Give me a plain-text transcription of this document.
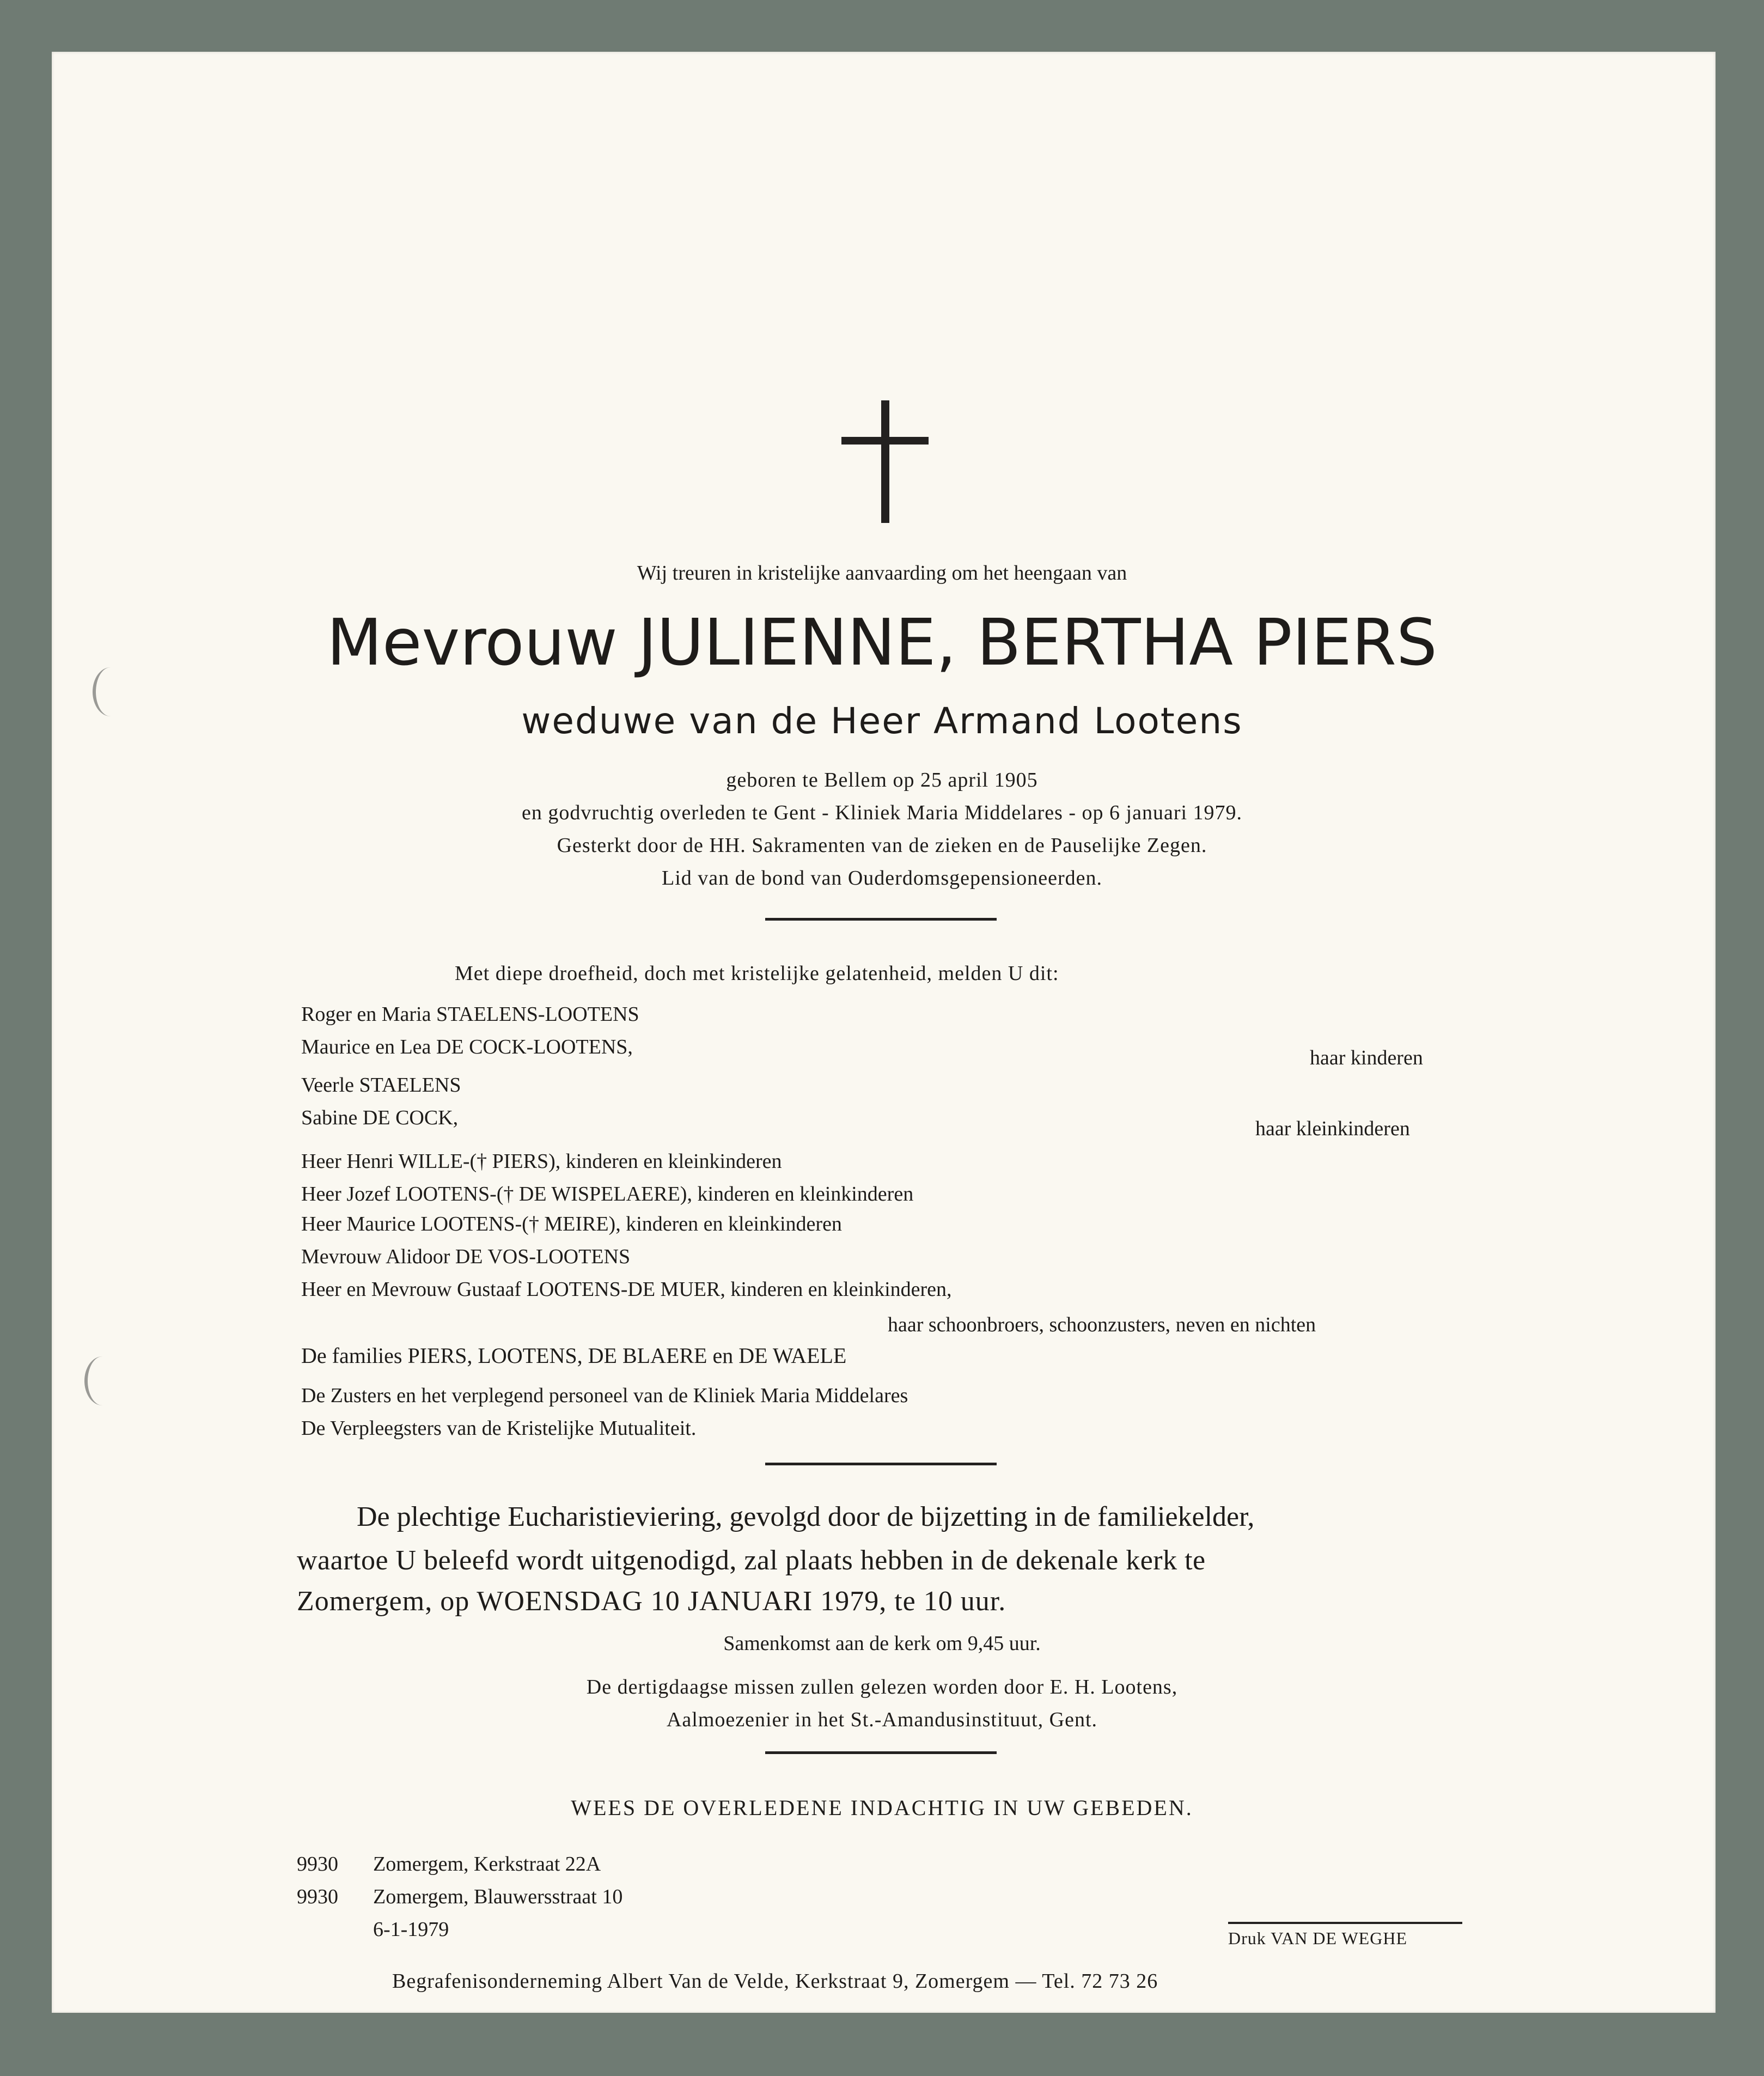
Wij treuren in kristelijke aanvaarding om het heengaan van
Mevrouw JULIENNE, BERTHA PIERS
weduwe van de Heer Armand Lootens
geboren te Bellem op 25 april 1905
en godvruchtig overleden te Gent - Kliniek Maria Middelares - op 6 januari 1979.
Gesterkt door de HH. Sakramenten van de zieken en de Pauselijke Zegen.
Lid van de bond van Ouderdomsgepensioneerden.
Met diepe droefheid, doch met kristelijke gelatenheid, melden U dit:
Roger en Maria STAELENS-LOOTENS
Maurice en Lea DE COCK-LOOTENS,	haar kinderen
Veerle STAELENS
Sabine DE COCK,	haar kleinkinderen
Heer Henri WILLE-(† PIERS), kinderen en kleinkinderen
Heer Jozef LOOTENS-(† DE WISPELAERE), kinderen en kleinkinderen
Heer Maurice LOOTENS-(† MEIRE), kinderen en kleinkinderen
Mevrouw Alidoor DE VOS-LOOTENS
Heer en Mevrouw Gustaaf LOOTENS-DE MUER, kinderen en kleinkinderen,
haar schoonbroers, schoonzusters, neven en nichten
De families PIERS, LOOTENS, DE BLAERE en DE WAELE
De Zusters en het verplegend personeel van de Kliniek Maria Middelares
De Verpleegsters van de Kristelijke Mutualiteit.
De plechtige Eucharistieviering, gevolgd door de bijzetting in de familiekelder,
waartoe U beleefd wordt uitgenodigd, zal plaats hebben in de dekenale kerk te
Zomergem, op WOENSDAG 10 JANUARI 1979, te 10 uur.
Samenkomst aan de kerk om 9,45 uur.
De dertigdaagse missen zullen gelezen worden door E. H. Lootens,
Aalmoezenier in het St.-Amandusinstituut, Gent.
WEES DE OVERLEDENE INDACHTIG IN UW GEBEDEN.
9930 Zomergem, Kerkstraat 22A
9930 Zomergem, Blauwersstraat 10
6-1-1979	Druk VAN DE WEGHE
Begrafenisonderneming Albert Van de Velde, Kerkstraat 9, Zomergem — Tel. 72 73 26
